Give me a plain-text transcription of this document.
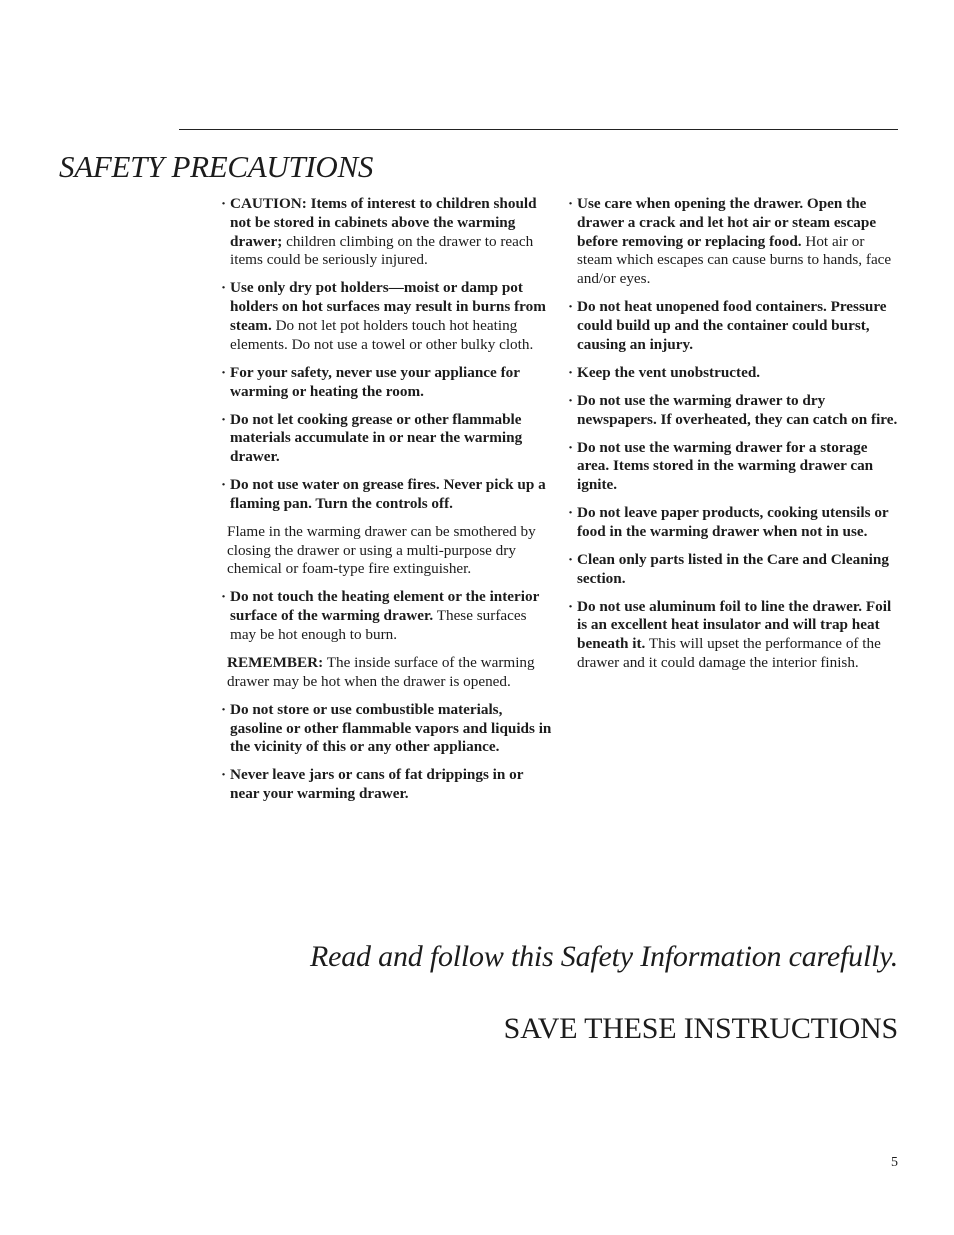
SAFETY PRECAUTIONS
· CAUTION: Items of interest to children should not be stored in cabinets above the warming drawer; children climbing on the drawer to reach items could be seriously injured.
· Use only dry pot holders—moist or damp pot holders on hot surfaces may result in burns from steam. Do not let pot holders touch hot heating elements. Do not use a towel or other bulky cloth.
· For your safety, never use your appliance for warming or heating the room.
· Do not let cooking grease or other flammable materials accumulate in or near the warming drawer.
· Do not use water on grease fires. Never pick up a flaming pan. Turn the controls off.
Flame in the warming drawer can be smothered by closing the drawer or using a multi-purpose dry chemical or foam-type fire extinguisher.
· Do not touch the heating element or the interior surface of the warming drawer. These surfaces may be hot enough to burn.
REMEMBER: The inside surface of the warming drawer may be hot when the drawer is opened.
· Do not store or use combustible materials, gasoline or other flammable vapors and liquids in the vicinity of this or any other appliance.
· Never leave jars or cans of fat drippings in or near your warming drawer.
· Use care when opening the drawer. Open the drawer a crack and let hot air or steam escape before removing or replacing food. Hot air or steam which escapes can cause burns to hands, face and/or eyes.
· Do not heat unopened food containers. Pressure could build up and the container could burst, causing an injury.
· Keep the vent unobstructed.
· Do not use the warming drawer to dry newspapers. If overheated, they can catch on fire.
· Do not use the warming drawer for a storage area. Items stored in the warming drawer can ignite.
· Do not leave paper products, cooking utensils or food in the warming drawer when not in use.
· Clean only parts listed in the Care and Cleaning section.
· Do not use aluminum foil to line the drawer. Foil is an excellent heat insulator and will trap heat beneath it. This will upset the performance of the drawer and it could damage the interior finish.
Read and follow this Safety Information carefully.
SAVE THESE INSTRUCTIONS
5
